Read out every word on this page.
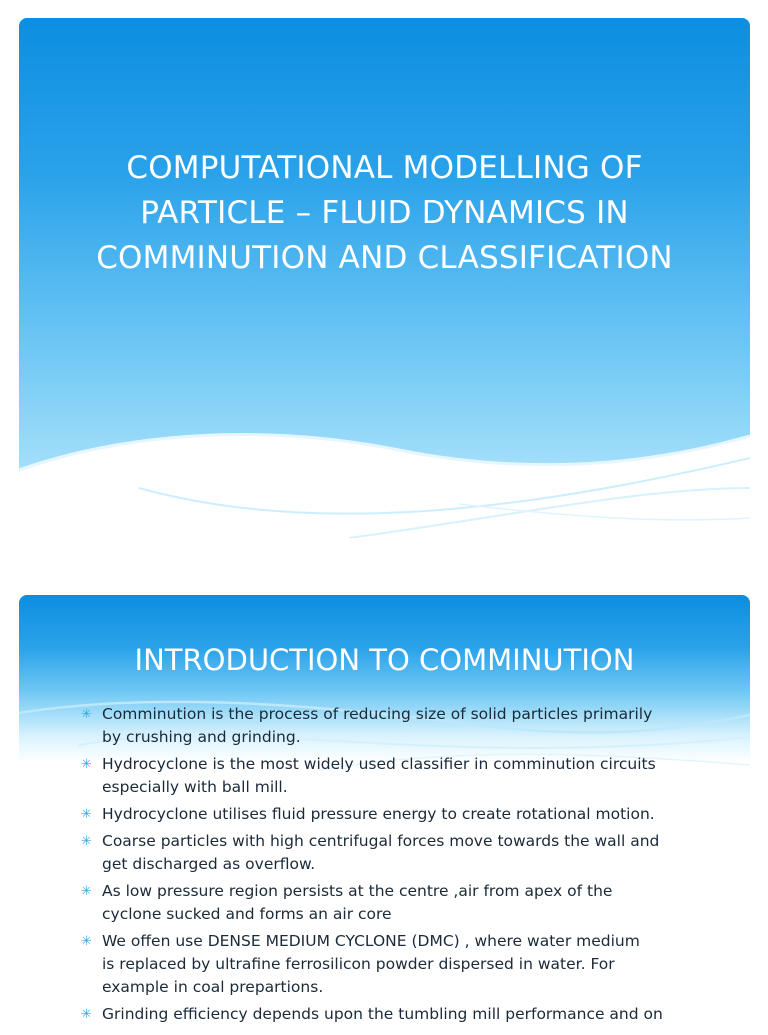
COMPUTATIONAL MODELLING OF
PARTICLE – FLUID DYNAMICS IN
COMMINUTION AND CLASSIFICATION
INTRODUCTION TO COMMINUTION
✳ Comminution is the process of reducing size of solid particles primarily
by crushing and grinding.
✳ Hydrocyclone is the most widely used classifier in comminution circuits
especially with ball mill.
✳ Hydrocyclone utilises fluid pressure energy to create rotational motion.
✳ Coarse particles with high centrifugal forces move towards the wall and
get discharged as overflow.
✳ As low pressure region persists at the centre ,air from apex of the
cyclone sucked and forms an air core
✳ We offen use DENSE MEDIUM CYCLONE (DMC) , where water medium
is replaced by ultrafine ferrosilicon powder dispersed in water. For
example in coal prepartions.
✳ Grinding efficiency depends upon the tumbling mill performance and on
